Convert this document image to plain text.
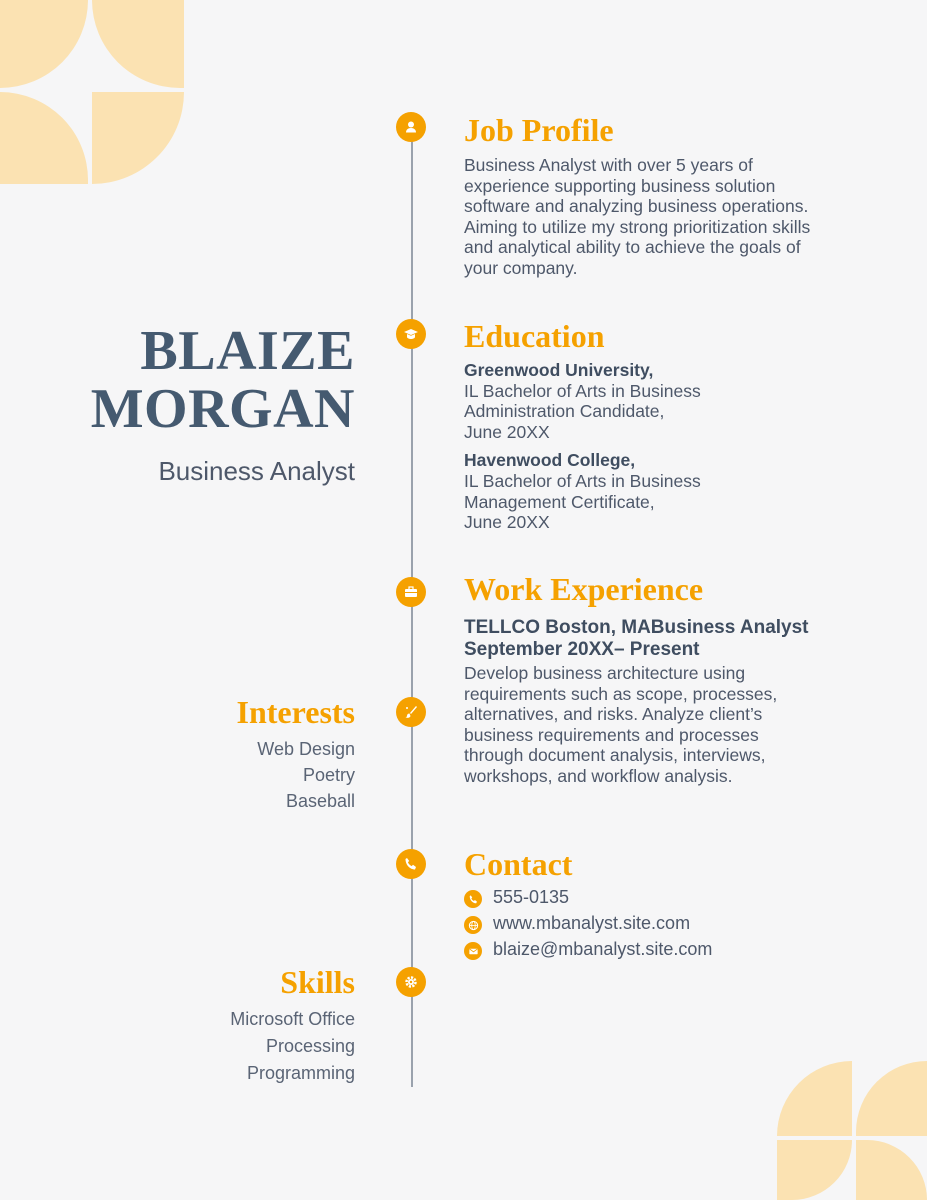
BLAIZE
MORGAN
Business Analyst
Interests
Web Design
Poetry
Baseball
Skills
Microsoft Office
Processing
Programming
Job Profile

Business Analyst with over 5 years of experience supporting business solution software and analyzing business operations. Aiming to utilize my strong prioritization skills and analytical ability to achieve the goals of your company.

Education

Greenwood University,

IL Bachelor of Arts in Business

Administration Candidate,

June 20XX

Havenwood College,

IL Bachelor of Arts in Business

Management Certificate,

June 20XX

Work Experience

TELLCO Boston, MABusiness Analyst

September 20XX– Present

Develop business architecture using requirements such as scope, processes, alternatives, and risks. Analyze client’s business requirements and processes through document analysis, interviews, workshops, and workflow analysis.

Contact
555-0135
www.mbanalyst.site.com
blaize@mbanalyst.site.com
